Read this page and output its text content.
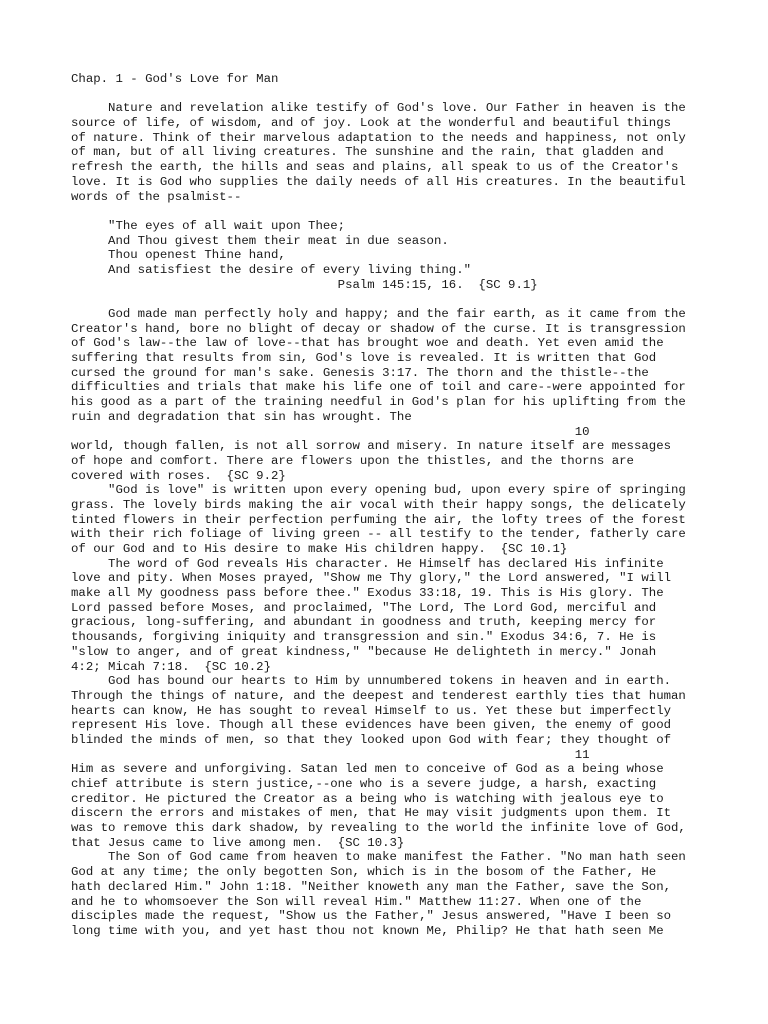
Chap. 1 - God's Love for Man
Nature and revelation alike testify of God's love. Our Father in heaven is the
source of life, of wisdom, and of joy. Look at the wonderful and beautiful things
of nature. Think of their marvelous adaptation to the needs and happiness, not only
of man, but of all living creatures. The sunshine and the rain, that gladden and
refresh the earth, the hills and seas and plains, all speak to us of the Creator's
love. It is God who supplies the daily needs of all His creatures. In the beautiful
words of the psalmist--
"The eyes of all wait upon Thee;
And Thou givest them their meat in due season.
Thou openest Thine hand,
And satisfiest the desire of every living thing."
Psalm 145:15, 16.  {SC 9.1}
God made man perfectly holy and happy; and the fair earth, as it came from the
Creator's hand, bore no blight of decay or shadow of the curse. It is transgression
of God's law--the law of love--that has brought woe and death. Yet even amid the
suffering that results from sin, God's love is revealed. It is written that God
cursed the ground for man's sake. Genesis 3:17. The thorn and the thistle--the
difficulties and trials that make his life one of toil and care--were appointed for
his good as a part of the training needful in God's plan for his uplifting from the
ruin and degradation that sin has wrought. The
10
world, though fallen, is not all sorrow and misery. In nature itself are messages
of hope and comfort. There are flowers upon the thistles, and the thorns are
covered with roses.  {SC 9.2}
"God is love" is written upon every opening bud, upon every spire of springing
grass. The lovely birds making the air vocal with their happy songs, the delicately
tinted flowers in their perfection perfuming the air, the lofty trees of the forest
with their rich foliage of living green -- all testify to the tender, fatherly care
of our God and to His desire to make His children happy.  {SC 10.1}
The word of God reveals His character. He Himself has declared His infinite
love and pity. When Moses prayed, "Show me Thy glory," the Lord answered, "I will
make all My goodness pass before thee." Exodus 33:18, 19. This is His glory. The
Lord passed before Moses, and proclaimed, "The Lord, The Lord God, merciful and
gracious, long-suffering, and abundant in goodness and truth, keeping mercy for
thousands, forgiving iniquity and transgression and sin." Exodus 34:6, 7. He is
"slow to anger, and of great kindness," "because He delighteth in mercy." Jonah
4:2; Micah 7:18.  {SC 10.2}
God has bound our hearts to Him by unnumbered tokens in heaven and in earth.
Through the things of nature, and the deepest and tenderest earthly ties that human
hearts can know, He has sought to reveal Himself to us. Yet these but imperfectly
represent His love. Though all these evidences have been given, the enemy of good
blinded the minds of men, so that they looked upon God with fear; they thought of
11
Him as severe and unforgiving. Satan led men to conceive of God as a being whose
chief attribute is stern justice,--one who is a severe judge, a harsh, exacting
creditor. He pictured the Creator as a being who is watching with jealous eye to
discern the errors and mistakes of men, that He may visit judgments upon them. It
was to remove this dark shadow, by revealing to the world the infinite love of God,
that Jesus came to live among men.  {SC 10.3}
The Son of God came from heaven to make manifest the Father. "No man hath seen
God at any time; the only begotten Son, which is in the bosom of the Father, He
hath declared Him." John 1:18. "Neither knoweth any man the Father, save the Son,
and he to whomsoever the Son will reveal Him." Matthew 11:27. When one of the
disciples made the request, "Show us the Father," Jesus answered, "Have I been so
long time with you, and yet hast thou not known Me, Philip? He that hath seen Me
